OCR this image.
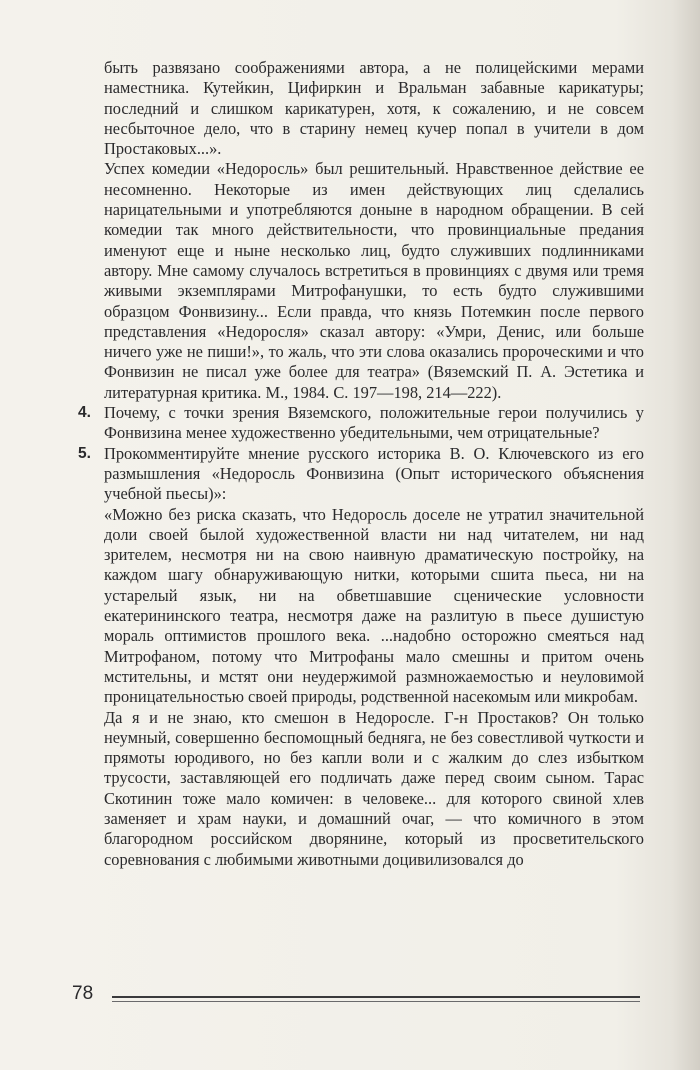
быть развязано соображениями автора, а не полицейскими мерами наместника. Кутейкин, Цифиркин и Вральман забавные карикатуры; последний и слишком карикатурен, хотя, к сожалению, и не совсем несбыточное дело, что в старину немец кучер попал в учители в дом Простаковых...».

Успех комедии «Недоросль» был решительный. Нравственное действие ее несомненно. Некоторые из имен действующих лиц сделались нарицательными и употребляются доныне в народном обращении. В сей комедии так много действительности, что провинциальные предания именуют еще и ныне несколько лиц, будто служивших подлинниками автору. Мне самому случалось встретиться в провинциях с двумя или тремя живыми экземплярами Митрофанушки, то есть будто служившими образцом Фонвизину... Если правда, что князь Потемкин после первого представления «Недоросля» сказал автору: «Умри, Денис, или больше ничего уже не пиши!», то жаль, что эти слова оказались пророческими и что Фонвизин не писал уже более для театра» (Вяземский П. А. Эстетика и литературная критика. М., 1984. С. 197—198, 214—222).

4. Почему, с точки зрения Вяземского, положительные герои получились у Фонвизина менее художественно убедительными, чем отрицательные?
5. Прокомментируйте мнение русского историка В. О. Ключевского из его размышления «Недоросль Фонвизина (Опыт исторического объяснения учебной пьесы)»:

«Можно без риска сказать, что Недоросль доселе не утратил значительной доли своей былой художественной власти ни над читателем, ни над зрителем, несмотря ни на свою наивную драматическую постройку, на каждом шагу обнаруживающую нитки, которыми сшита пьеса, ни на устарелый язык, ни на обветшавшие сценические условности екатерининского театра, несмотря даже на разлитую в пьесе душистую мораль оптимистов прошлого века. ...надобно осторожно смеяться над Митрофаном, потому что Митрофаны мало смешны и притом очень мстительны, и мстят они неудержимой размножаемостью и неуловимой проницательностью своей природы, родственной насекомым или микробам.

Да я и не знаю, кто смешон в Недоросле. Г-н Простаков? Он только неумный, совершенно беспомощный бедняга, не без совестливой чуткости и прямоты юродивого, но без капли воли и с жалким до слез избытком трусости, заставляющей его подличать даже перед своим сыном. Тарас Скотинин тоже мало комичен: в человеке... для которого свиной хлев заменяет и храм науки, и домашний очаг, — что комичного в этом благородном российском дворянине, который из просветительского соревнования с любимыми животными доцивилизовался до

78
